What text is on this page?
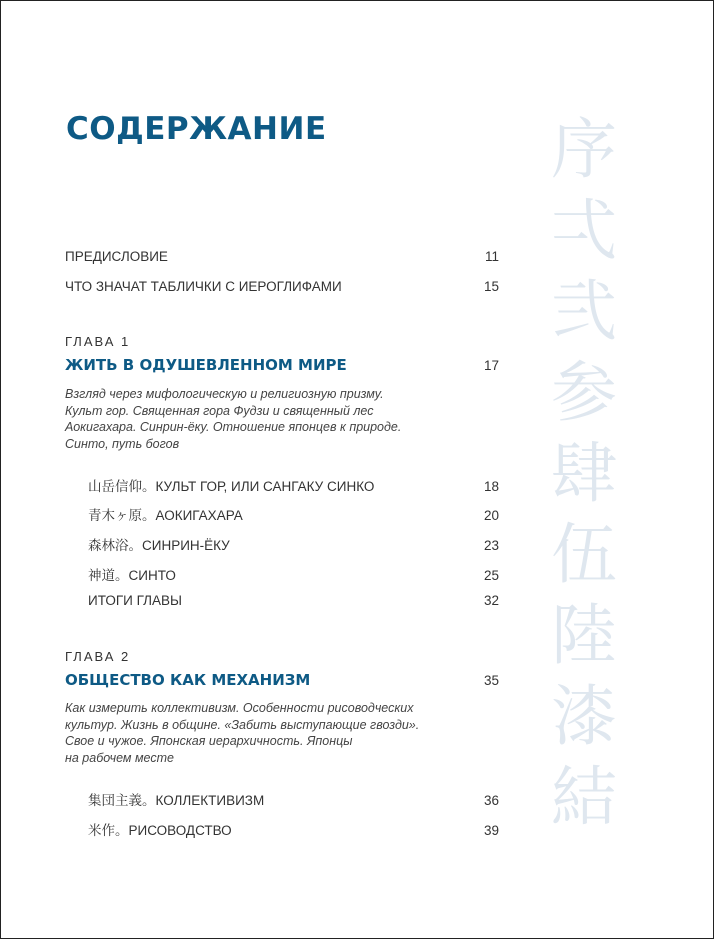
СОДЕРЖАНИЕ	序
弌
弐
参
肆
伍
陸
漆
結
ПРЕДИСЛОВИЕ	11
ЧТО ЗНАЧАТ ТАБЛИЧКИ С ИЕРОГЛИФАМИ	15
ГЛАВА 1
ЖИТЬ В ОДУШЕВЛЕННОМ МИРЕ	17
Взгляд через мифологическую и религиозную призму.
Культ гор. Священная гора Фудзи и священный лес
Аокигахара. Синрин-ёку. Отношение японцев к природе.
Синто, путь богов
山岳信仰。КУЛЬТ ГОР, ИЛИ САНГАКУ СИНКО	18
青木ヶ原。АОКИГАХАРА	20
森林浴。СИНРИН-ЁКУ	23
神道。СИНТО	25
ИТОГИ ГЛАВЫ	32
ГЛАВА 2
ОБЩЕСТВО КАК МЕХАНИЗМ	35
Как измерить коллективизм. Особенности рисоводческих
культур. Жизнь в общине. «Забить выступающие гвозди».
Свое и чужое. Японская иерархичность. Японцы
на рабочем месте
集団主義。КОЛЛЕКТИВИЗМ	36
米作。РИСОВОДСТВО	39
